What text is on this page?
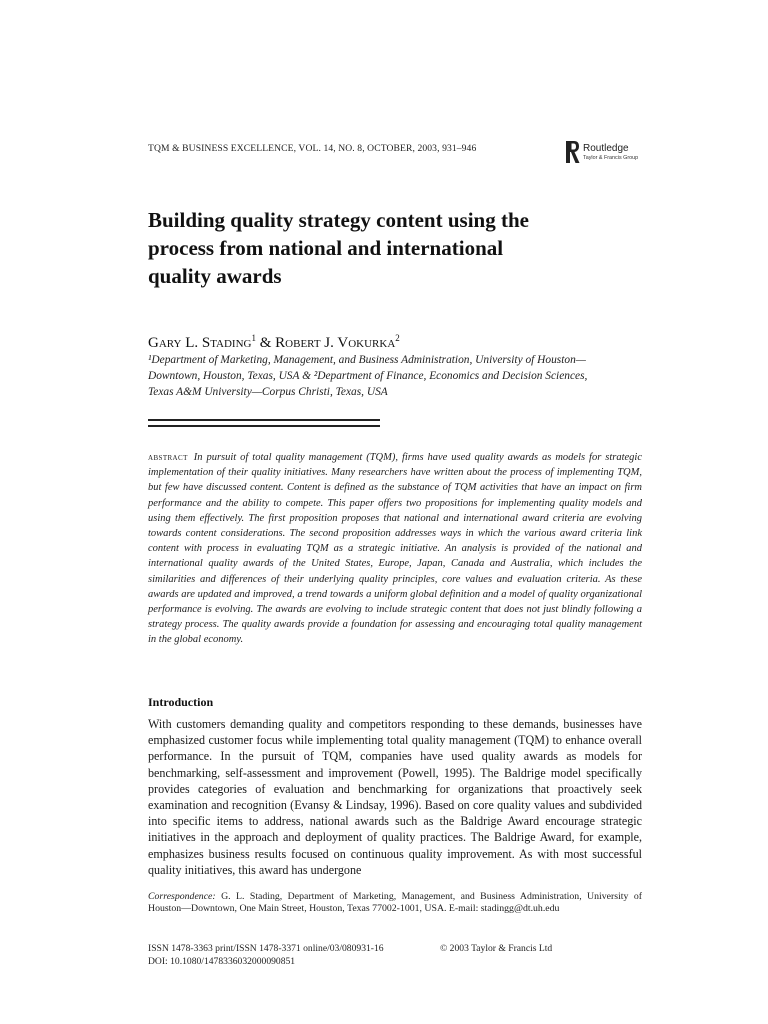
TQM & BUSINESS EXCELLENCE, VOL. 14, NO. 8, OCTOBER, 2003, 931–946	Routledge
Taylor & Francis Group
Building quality strategy content using the
process from national and international
quality awards
Gary L. Stading$^1$ & Robert J. Vokurka$^2$

¹Department of Marketing, Management, and Business Administration, University of Houston—

Downtown, Houston, Texas, USA & ²Department of Finance, Economics and Decision Sciences,

Texas A&M University—Corpus Christi, Texas, USA

abstract In pursuit of total quality management (TQM), firms have used quality awards as models for strategic implementation of their quality initiatives. Many researchers have written about the process of implementing TQM, but few have discussed content. Content is defined as the substance of TQM activities that have an impact on firm performance and the ability to compete. This paper offers two propositions for implementing quality models and using them effectively. The first proposition proposes that national and international award criteria are evolving towards content considerations. The second proposition addresses ways in which the various award criteria link content with process in evaluating TQM as a strategic initiative. An analysis is provided of the national and international quality awards of the United States, Europe, Japan, Canada and Australia, which includes the similarities and differences of their underlying quality principles, core values and evaluation criteria. As these awards are updated and improved, a trend towards a uniform global definition and a model of quality organizational performance is evolving. The awards are evolving to include strategic content that does not just blindly following a strategy process. The quality awards provide a foundation for assessing and encouraging total quality management in the global economy.

Introduction

With customers demanding quality and competitors responding to these demands, businesses have emphasized customer focus while implementing total quality management (TQM) to enhance overall performance. In the pursuit of TQM, companies have used quality awards as models for benchmarking, self-assessment and improvement (Powell, 1995). The Baldrige model specifically provides categories of evaluation and benchmarking for organizations that proactively seek examination and recognition (Evansy & Lindsay, 1996). Based on core quality values and subdivided into specific items to address, national awards such as the Baldrige Award encourage strategic initiatives in the approach and deployment of quality practices. The Baldrige Award, for example, emphasizes business results focused on continuous quality improvement. As with most successful quality initiatives, this award has undergone

Correspondence: G. L. Stading, Department of Marketing, Management, and Business Administration, University of Houston—Downtown, One Main Street, Houston, Texas 77002-1001, USA. E-mail: stadingg@dt.uh.edu

ISSN 1478-3363 print/ISSN 1478-3371 online/03/080931-16	© 2003 Taylor & Francis Ltd
DOI: 10.1080/1478336032000090851
